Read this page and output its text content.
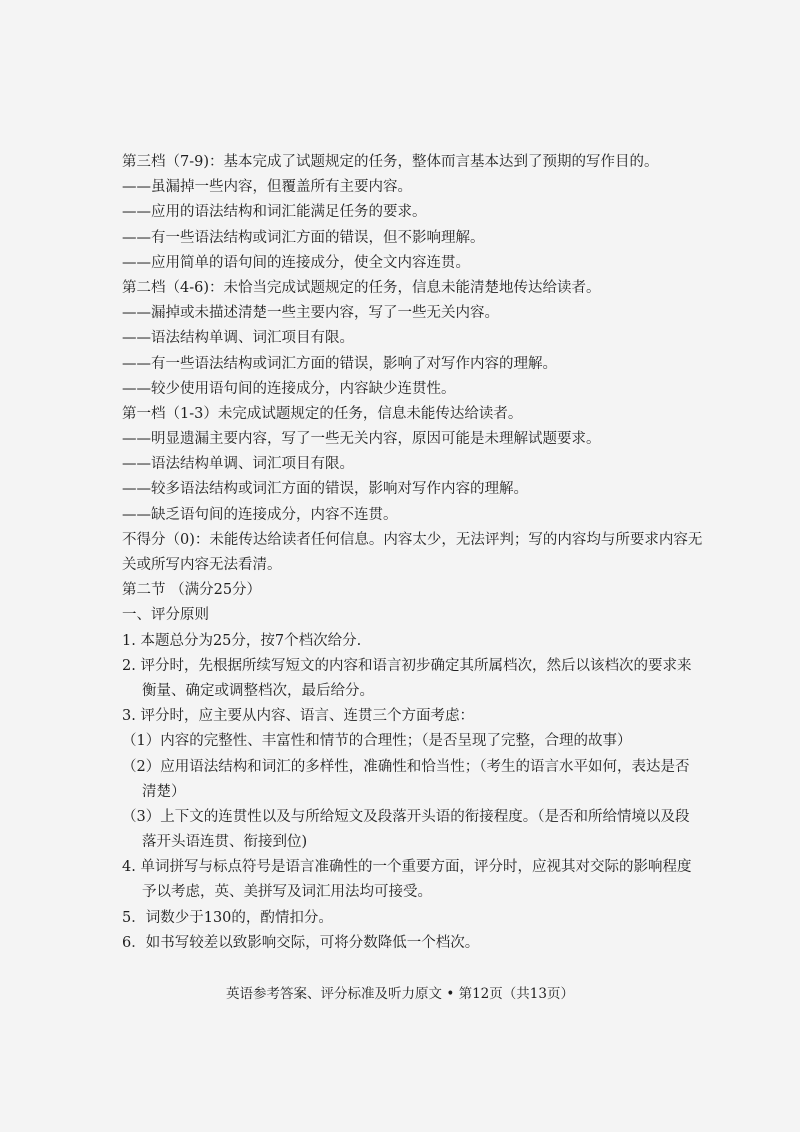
第三档（7-9)：基本完成了试题规定的任务，整体而言基本达到了预期的写作目的。
——虽漏掉一些内容，但覆盖所有主要内容。
——应用的语法结构和词汇能满足任务的要求。
——有一些语法结构或词汇方面的错误，但不影响理解。
——应用简单的语句间的连接成分，使全文内容连贯。
第二档（4-6)：未恰当完成试题规定的任务，信息未能清楚地传达给读者。
——漏掉或未描述清楚一些主要内容，写了一些无关内容。
——语法结构单调、词汇项目有限。
——有一些语法结构或词汇方面的错误，影响了对写作内容的理解。
——较少使用语句间的连接成分，内容缺少连贯性。
第一档（1-3）未完成试题规定的任务，信息未能传达给读者。
——明显遗漏主要内容，写了一些无关内容，原因可能是未理解试题要求。
——语法结构单调、词汇项目有限。
——较多语法结构或词汇方面的错误，影响对写作内容的理解。
——缺乏语句间的连接成分，内容不连贯。
不得分（0)：未能传达给读者任何信息。内容太少，无法评判；写的内容均与所要求内容无
关或所写内容无法看清。
第二节 （满分25分）
一、评分原则
1. 本题总分为25分，按7个档次给分.
2. 评分时，先根据所续写短文的内容和语言初步确定其所属档次，然后以该档次的要求来
衡量、确定或调整档次，最后给分。
3. 评分时，应主要从内容、语言、连贯三个方面考虑：
（1）内容的完整性、丰富性和情节的合理性；（是否呈现了完整，合理的故事）
（2）应用语法结构和词汇的多样性，准确性和恰当性；（考生的语言水平如何，表达是否
清楚）
（3）上下文的连贯性以及与所给短文及段落开头语的衔接程度。（是否和所给情境以及段
落开头语连贯、衔接到位)
4. 单词拼写与标点符号是语言准确性的一个重要方面，评分时，应视其对交际的影响程度
予以考虑，英、美拼写及词汇用法均可接受。
5．词数少于130的，酌情扣分。
6．如书写较差以致影响交际，可将分数降低一个档次。
英语参考答案、评分标准及听力原文 • 第12页（共13页）
